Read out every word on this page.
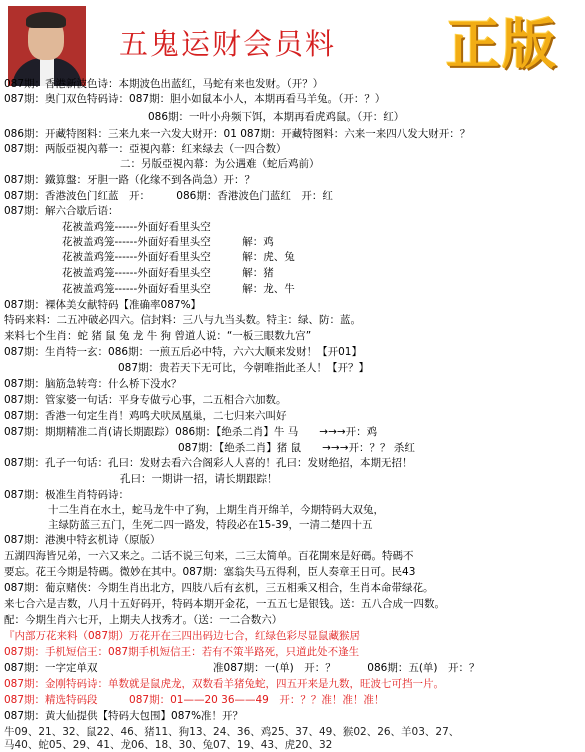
五鬼运财会员料 正版
087期：香港新波色诗：本期波色出蓝红，马蛇有来也发财。（开？）
087期：奥门双色特码诗：087期：胆小如鼠本小人，本期再看马羊兔。（开：？）
086期：一叶小舟频下饵，本期再看虎鸡鼠。（开：红）
086期：开藏特图料：三来九来一六发大财开：01 087期：开藏特图料：六来一来四八发大财开：？
087期：两版亞視內幕一：亞視內幕：红来绿去（一四合数）
二：另版亞視內幕：为公遇难（蛇后鸡前）
087期：鐵算盤：牙胆一路（化缘不到各尚急）开：？
087期：香港波色门红蓝　开：　　　086期：香港波色门蓝红　开：红
087期：解六合歇后语：
花被盖鸡笼------外面好看里头空
花被盖鸡笼------外面好看里头空　　　解：鸡
花被盖鸡笼------外面好看里头空　　　解：虎、兔
花被盖鸡笼------外面好看里头空　　　解：猪
花被盖鸡笼------外面好看里头空　　　解：龙、牛
087期：裸体美女献特码【准确率087%】
特码来料：二五冲破必四六。信封料：三八与九当头数。特主：绿、防：蓝。
来料七个生肖：蛇 猪 鼠 兔 龙 牛 狗 曾道人说：“一板三眼数九宫”
087期：生肖特一玄：086期：一煎五后必中特，六六大顺来发财！【开01】
087期：贵若天下无可比，今朝唯指此圣人！【开？】
087期：脑筋急转弯：什么桥下没水？
087期：管家婆一句话：平身专做亏心事，二五相合六加数。
087期：香港一句定生肖！鸡鸣犬吠凤凰巢，二七归来六叫好
087期：期期精准二肖(请长期跟踪）086期：【绝杀二肖】牛 马　　→→→开：鸡
087期：【绝杀二肖】猪 鼠　　→→→开：？？ 杀红
087期：孔子一句话：孔曰：发财去看六合阁彩人人喜的！孔曰：发财绝招，本期无招！
孔曰：一期讲一招，请长期跟踪！
087期：极准生肖特码诗：
十二生肖在水土，蛇马龙牛中了狗，上期生肖开绵羊，今期特码大双兔，
主绿防蓝三五门，生死二四一路发，特段必在15-39，一清二楚四十五
087期：港澳中特玄机诗（原版）
五湖四海皆兄弟，一六又来之。二话不说三句来，二三太简单。百花開來是好碼。特碼不
要忘。花王今期是特碼。微妙在其中。087期：塞翁失马五得利，臣人奏章王日可。民43
087期：葡京赌侠：今期生肖出北方，四肢八后有玄机，三五相乘又相合，生肖本命带绿花。
来七合六是吉数，八月十五好码开，特码本期开金花，一五五七是银钱。送：五八合成一四数。
配：今期生肖六七开，上期夫人找秀才。（送：一二合数六）
『内部万花来料（087期）万花开在三四出码边七合，红绿色彩尽显鼠藏猴居
087期：手机短信王：087期手机短信王：若有不策半路死，只道此处不逢生
087期：一字定单双　　　　　　　　　　　准087期：一(单)　开：？　　　086期：五(单)　开：？
087期：金刚特码诗：单数就是鼠虎龙，双数看羊猪兔蛇，四五开来是九数，旺波七可挡一片。
087期：精选特码段　　　087期：01——20 36——49　开：？？准！准！准！
087期：黄大仙提供【特码大包围】087%准！开？
牛09、21、32、鼠22、46、猪11、狗13、24、36、鸡25、37、49、猴02、26、羊03、27、
马40、蛇05、29、41、龙06、18、30、兔07、19、43、虎20、32
